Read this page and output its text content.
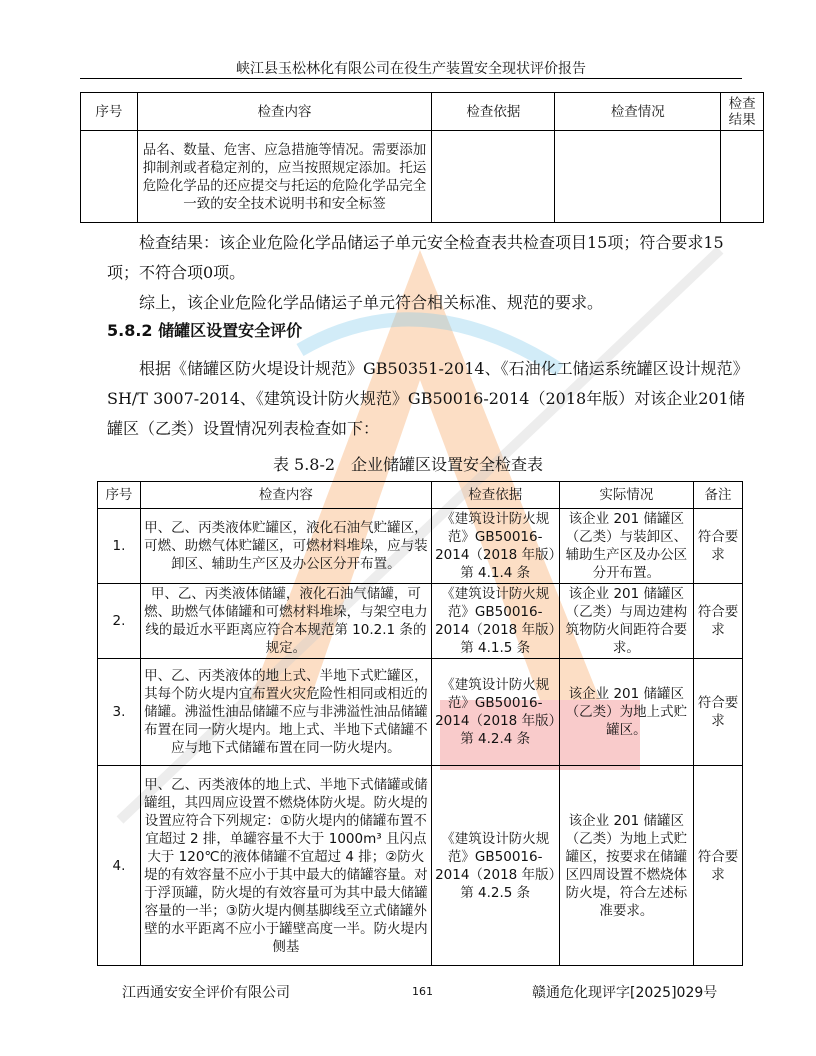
峡江县玉松林化有限公司在役生产装置安全现状评价报告
序号	检查内容	检查依据	检查情况	检查结果
	品名、数量、危害、应急措施等情况。需要添加抑制剂或者稳定剂的，应当按照规定添加。托运危险化学品的还应提交与托运的危险化学品完全一致的安全技术说明书和安全标签			
检查结果：该企业危险化学品储运子单元安全检查表共检查项目15项；符合要求15项；不符合项0项。
综上，该企业危险化学品储运子单元符合相关标准、规范的要求。
5.8.2 储罐区设置安全评价
根据《储罐区防火堤设计规范》GB50351-2014、《石油化工储运系统罐区设计规范》SH/T 3007-2014、《建筑设计防火规范》GB50016-2014（2018年版）对该企业201储罐区（乙类）设置情况列表检查如下：
表 5.8-2　企业储罐区设置安全检查表
序号	检查内容	检查依据	实际情况	备注
1.	甲、乙、丙类液体贮罐区，液化石油气贮罐区，可燃、助燃气体贮罐区，可燃材料堆垛，应与装卸区、辅助生产区及办公区分开布置。	《建筑设计防火规范》GB50016-2014（2018 年版）第 4.1.4 条	该企业 201 储罐区（乙类）与装卸区、辅助生产区及办公区分开布置。	符合要求
2.	甲、乙、丙类液体储罐，液化石油气储罐，可燃、助燃气体储罐和可燃材料堆垛，与架空电力线的最近水平距离应符合本规范第 10.2.1 条的规定。	《建筑设计防火规范》GB50016-2014（2018 年版）第 4.1.5 条	该企业 201 储罐区（乙类）与周边建构筑物防火间距符合要求。	符合要求
3.	甲、乙、丙类液体的地上式、半地下式贮罐区，其每个防火堤内宜布置火灾危险性相同或相近的储罐。沸溢性油品储罐不应与非沸溢性油品储罐布置在同一防火堤内。地上式、半地下式储罐不应与地下式储罐布置在同一防火堤内。	《建筑设计防火规范》GB50016-2014（2018 年版）第 4.2.4 条	该企业 201 储罐区（乙类）为地上式贮罐区。	符合要求
4.	甲、乙、丙类液体的地上式、半地下式储罐或储罐组，其四周应设置不燃烧体防火堤。防火堤的设置应符合下列规定：①防火堤内的储罐布置不宜超过 2 排，单罐容量不大于 1000m³ 且闪点大于 120℃的液体储罐不宜超过 4 排；②防火堤的有效容量不应小于其中最大的储罐容量。对于浮顶罐，防火堤的有效容量可为其中最大储罐容量的一半；③防火堤内侧基脚线至立式储罐外壁的水平距离不应小于罐壁高度一半。防火堤内侧基	《建筑设计防火规范》GB50016-2014（2018 年版）第 4.2.5 条	该企业 201 储罐区（乙类）为地上式贮罐区，按要求在储罐区四周设置不燃烧体防火堤，符合左述标准要求。	符合要求
江西通安安全评价有限公司	161	赣通危化现评字[2025]029号
